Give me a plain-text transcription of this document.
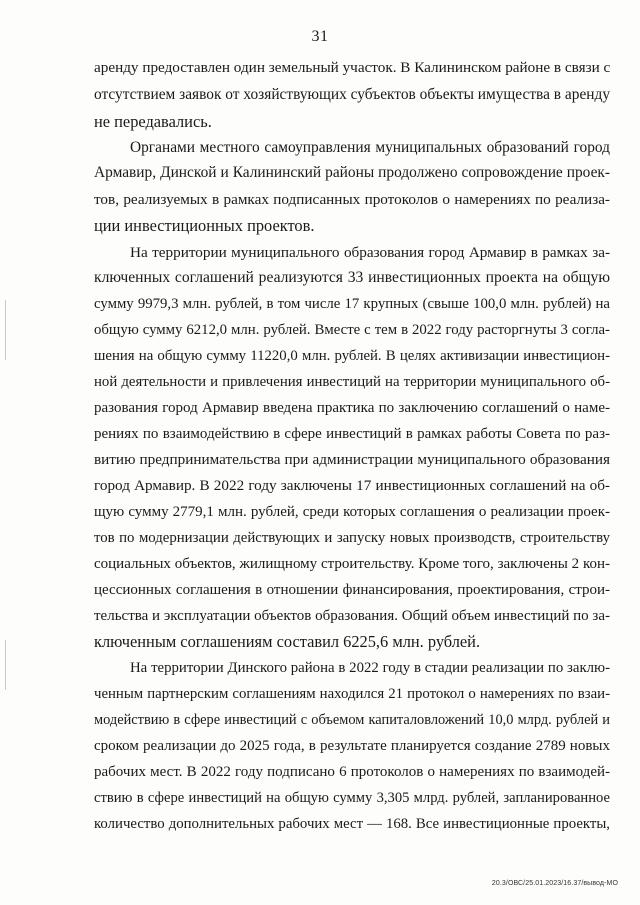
31
аренду предоставлен один земельный участок. В Калининском районе в связи с
отсутствием заявок от хозяйствующих субъектов объекты имущества в аренду
не передавались.
Органами местного самоуправления муниципальных образований город
Армавир, Динской и Калининский районы продолжено сопровождение проек-
тов, реализуемых в рамках подписанных протоколов о намерениях по реализа-
ции инвестиционных проектов.
На территории муниципального образования город Армавир в рамках за-
ключенных соглашений реализуются 33 инвестиционных проекта на общую
сумму 9979,3 млн. рублей, в том числе 17 крупных (свыше 100,0 млн. рублей) на
общую сумму 6212,0 млн. рублей. Вместе с тем в 2022 году расторгнуты 3 согла-
шения на общую сумму 11220,0 млн. рублей. В целях активизации инвестицион-
ной деятельности и привлечения инвестиций на территории муниципального об-
разования город Армавир введена практика по заключению соглашений о наме-
рениях по взаимодействию в сфере инвестиций в рамках работы Совета по раз-
витию предпринимательства при администрации муниципального образования
город Армавир. В 2022 году заключены 17 инвестиционных соглашений на об-
щую сумму 2779,1 млн. рублей, среди которых соглашения о реализации проек-
тов по модернизации действующих и запуску новых производств, строительству
социальных объектов, жилищному строительству. Кроме того, заключены 2 кон-
цессионных соглашения в отношении финансирования, проектирования, строи-
тельства и эксплуатации объектов образования. Общий объем инвестиций по за-
ключенным соглашениям составил 6225,6 млн. рублей.
На территории Динского района в 2022 году в стадии реализации по заклю-
ченным партнерским соглашениям находился 21 протокол о намерениях по взаи-
модействию в сфере инвестиций с объемом капиталовложений 10,0 млрд. рублей и
сроком реализации до 2025 года, в результате планируется создание 2789 новых
рабочих мест. В 2022 году подписано 6 протоколов о намерениях по взаимодей-
ствию в сфере инвестиций на общую сумму 3,305 млрд. рублей, запланированное
количество дополнительных рабочих мест — 168. Все инвестиционные проекты,
20.3/ОВС/25.01.2023/16.37/вывод-МО
